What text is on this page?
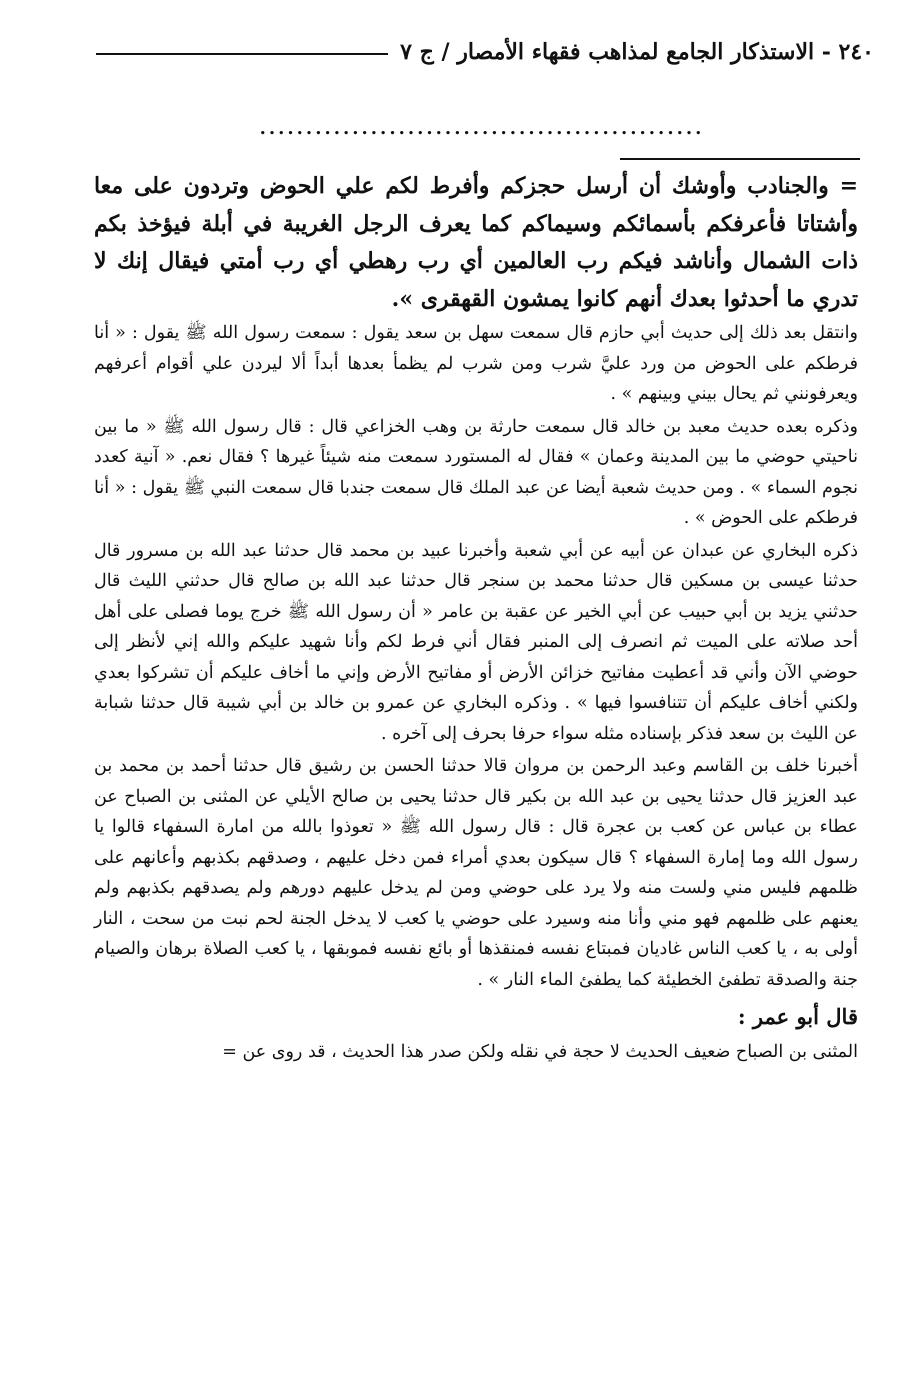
٢٤٠ - الاستذكار الجامع لمذاهب فقهاء الأمصار / ج ٧
................................................

= والجنادب وأوشك أن أرسل حجزكم وأفرط لكم علي الحوض وتردون على معا وأشتاتا فأعرفكم بأسمائكم وسيماكم كما يعرف الرجل الغريبة في أبلة فيؤخذ بكم ذات الشمال وأناشد فيكم رب العالمين أي رب رهطي أي رب أمتي فيقال إنك لا تدري ما أحدثوا بعدك أنهم كانوا يمشون القهقرى ».

وانتقل بعد ذلك إلى حديث أبي حازم قال سمعت سهل بن سعد يقول : سمعت رسول الله ﷺ يقول : « أنا فرطكم على الحوض من ورد عليَّ شرب ومن شرب لم يظمأ بعدها أبداً ألا ليردن علي أقوام أعرفهم ويعرفونني ثم يحال بيني وبينهم » .

وذكره بعده حديث معبد بن خالد قال سمعت حارثة بن وهب الخزاعي قال : قال رسول الله ﷺ « ما بين ناحيتي حوضي ما بين المدينة وعمان » فقال له المستورد سمعت منه شيئاً غيرها ؟ فقال نعم. « آنية كعدد نجوم السماء » . ومن حديث شعبة أيضا عن عبد الملك قال سمعت جندبا قال سمعت النبي ﷺ يقول : « أنا فرطكم على الحوض » .

ذكره البخاري عن عبدان عن أبيه عن أبي شعبة وأخبرنا عبيد بن محمد قال حدثنا عبد الله بن مسرور قال حدثنا عيسى بن مسكين قال حدثنا محمد بن سنجر قال حدثنا عبد الله بن صالح قال حدثني الليث قال حدثني يزيد بن أبي حبيب عن أبي الخير عن عقبة بن عامر « أن رسول الله ﷺ خرج يوما فصلى على أهل أحد صلاته على الميت ثم انصرف إلى المنبر فقال أني فرط لكم وأنا شهيد عليكم والله إني لأنظر إلى حوضي الآن وأني قد أعطيت مفاتيح خزائن الأرض أو مفاتيح الأرض وإني ما أخاف عليكم أن تشركوا بعدي ولكني أخاف عليكم أن تتنافسوا فيها » . وذكره البخاري عن عمرو بن خالد بن أبي شيبة قال حدثنا شبابة عن الليث بن سعد فذكر بإسناده مثله سواء حرفا بحرف إلى آخره .

أخبرنا خلف بن القاسم وعبد الرحمن بن مروان قالا حدثنا الحسن بن رشيق قال حدثنا أحمد بن محمد بن عبد العزيز قال حدثنا يحيى بن عبد الله بن بكير قال حدثنا يحيى بن صالح الأيلي عن المثنى بن الصباح عن عطاء بن عباس عن كعب بن عجرة قال : قال رسول الله ﷺ « تعوذوا بالله من امارة السفهاء قالوا يا رسول الله وما إمارة السفهاء ؟ قال سيكون بعدي أمراء فمن دخل عليهم ، وصدقهم بكذبهم وأعانهم على ظلمهم فليس مني ولست منه ولا يرد على حوضي ومن لم يدخل عليهم دورهم ولم يصدقهم بكذبهم ولم يعنهم على ظلمهم فهو مني وأنا منه وسيرد على حوضي يا كعب لا يدخل الجنة لحم نبت من سحت ، النار أولى به ، يا كعب الناس غاديان فمبتاع نفسه فمنقذها أو بائع نفسه فموبقها ، يا كعب الصلاة برهان والصيام جنة والصدقة تطفئ الخطيئة كما يطفئ الماء النار » .

قال أبو عمر :

المثنى بن الصباح ضعيف الحديث لا حجة في نقله ولكن صدر هذا الحديث ، قد روى عن =
